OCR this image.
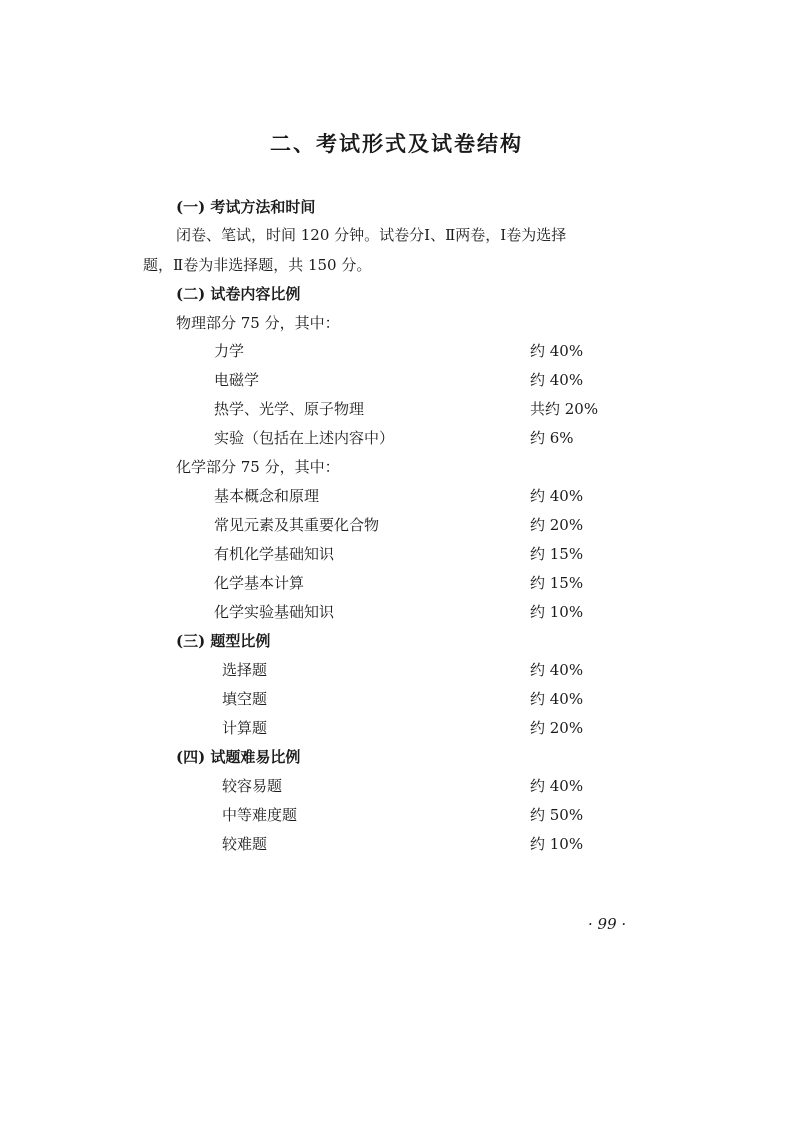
二、考试形式及试卷结构
(一) 考试方法和时间
闭卷、笔试，时间 120 分钟。试卷分Ⅰ、Ⅱ两卷，Ⅰ卷为选择
题，Ⅱ卷为非选择题，共 150 分。
(二) 试卷内容比例
物理部分 75 分，其中：
力学	约 40%
电磁学	约 40%
热学、光学、原子物理	共约 20%
实验（包括在上述内容中）	约 6%
化学部分 75 分，其中：
基本概念和原理	约 40%
常见元素及其重要化合物	约 20%
有机化学基础知识	约 15%
化学基本计算	约 15%
化学实验基础知识	约 10%
(三) 题型比例
选择题	约 40%
填空题	约 40%
计算题	约 20%
(四) 试题难易比例
较容易题	约 40%
中等难度题	约 50%
较难题	约 10%
· 99 ·
